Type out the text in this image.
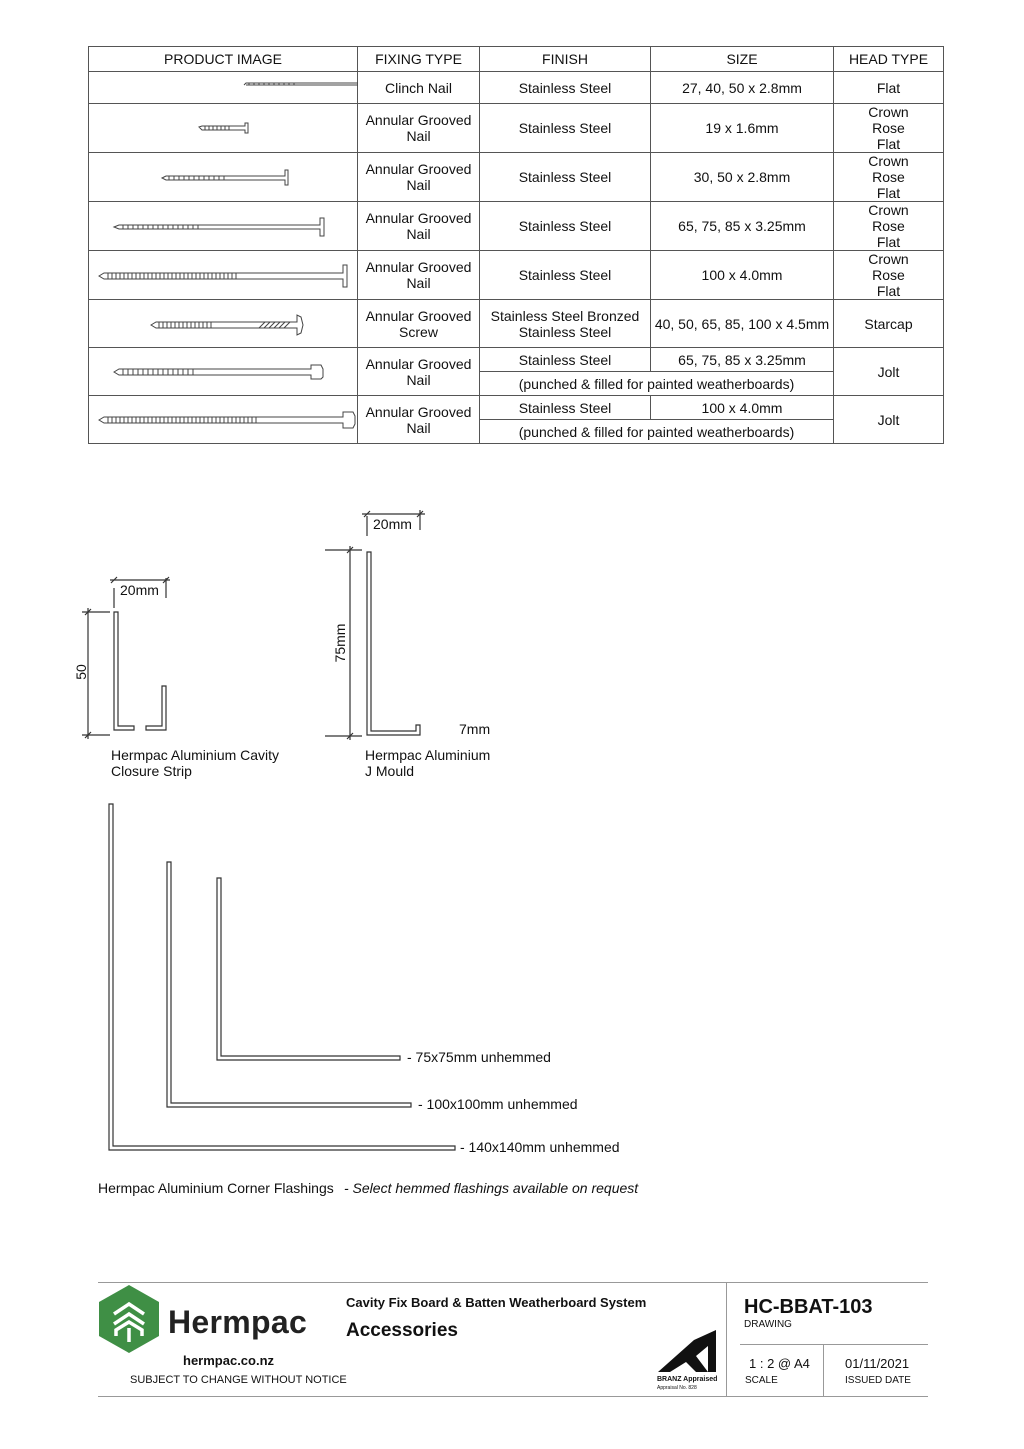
PRODUCT IMAGE	FIXING TYPE	FINISH	SIZE	HEAD TYPE

	Clinch Nail	Stainless Steel	27, 40, 50 x 2.8mm	Flat

	Annular Grooved Nail	Stainless Steel	19 x 1.6mm	Crown Rose Flat

	Annular Grooved Nail	Stainless Steel	30, 50 x 2.8mm	Crown Rose Flat

	Annular Grooved Nail	Stainless Steel	65, 75, 85 x 3.25mm	Crown Rose Flat

	Annular Grooved Nail	Stainless Steel	100 x 4.0mm	Crown Rose Flat

	Annular Grooved Screw	Stainless Steel Bronzed Stainless Steel	40, 50, 65, 85, 100 x 4.5mm	Starcap

	Annular Grooved Nail	Stainless Steel	65, 75, 85 x 3.25mm	Jolt
		(punched & filled for painted weatherboards)		

	Annular Grooved Nail	Stainless Steel	100 x 4.0mm	Jolt
		(punched & filled for painted weatherboards)		
20mm
50
Hermpac Aluminium Cavity
Closure Strip
20mm
75mm
7mm
Hermpac Aluminium
J Mould
- 75x75mm unhemmed
- 100x100mm unhemmed
- 140x140mm unhemmed
Hermpac Aluminium Corner Flashings - Select hemmed flashings available on request
Hermpac
hermpac.co.nz
SUBJECT TO CHANGE WITHOUT NOTICE
Cavity Fix Board & Batten Weatherboard System
Accessories
BRANZ Appraised
Appraisal No. 828
HC-BBAT-103
DRAWING
1 : 2 @ A4
SCALE
01/11/2021
ISSUED DATE
